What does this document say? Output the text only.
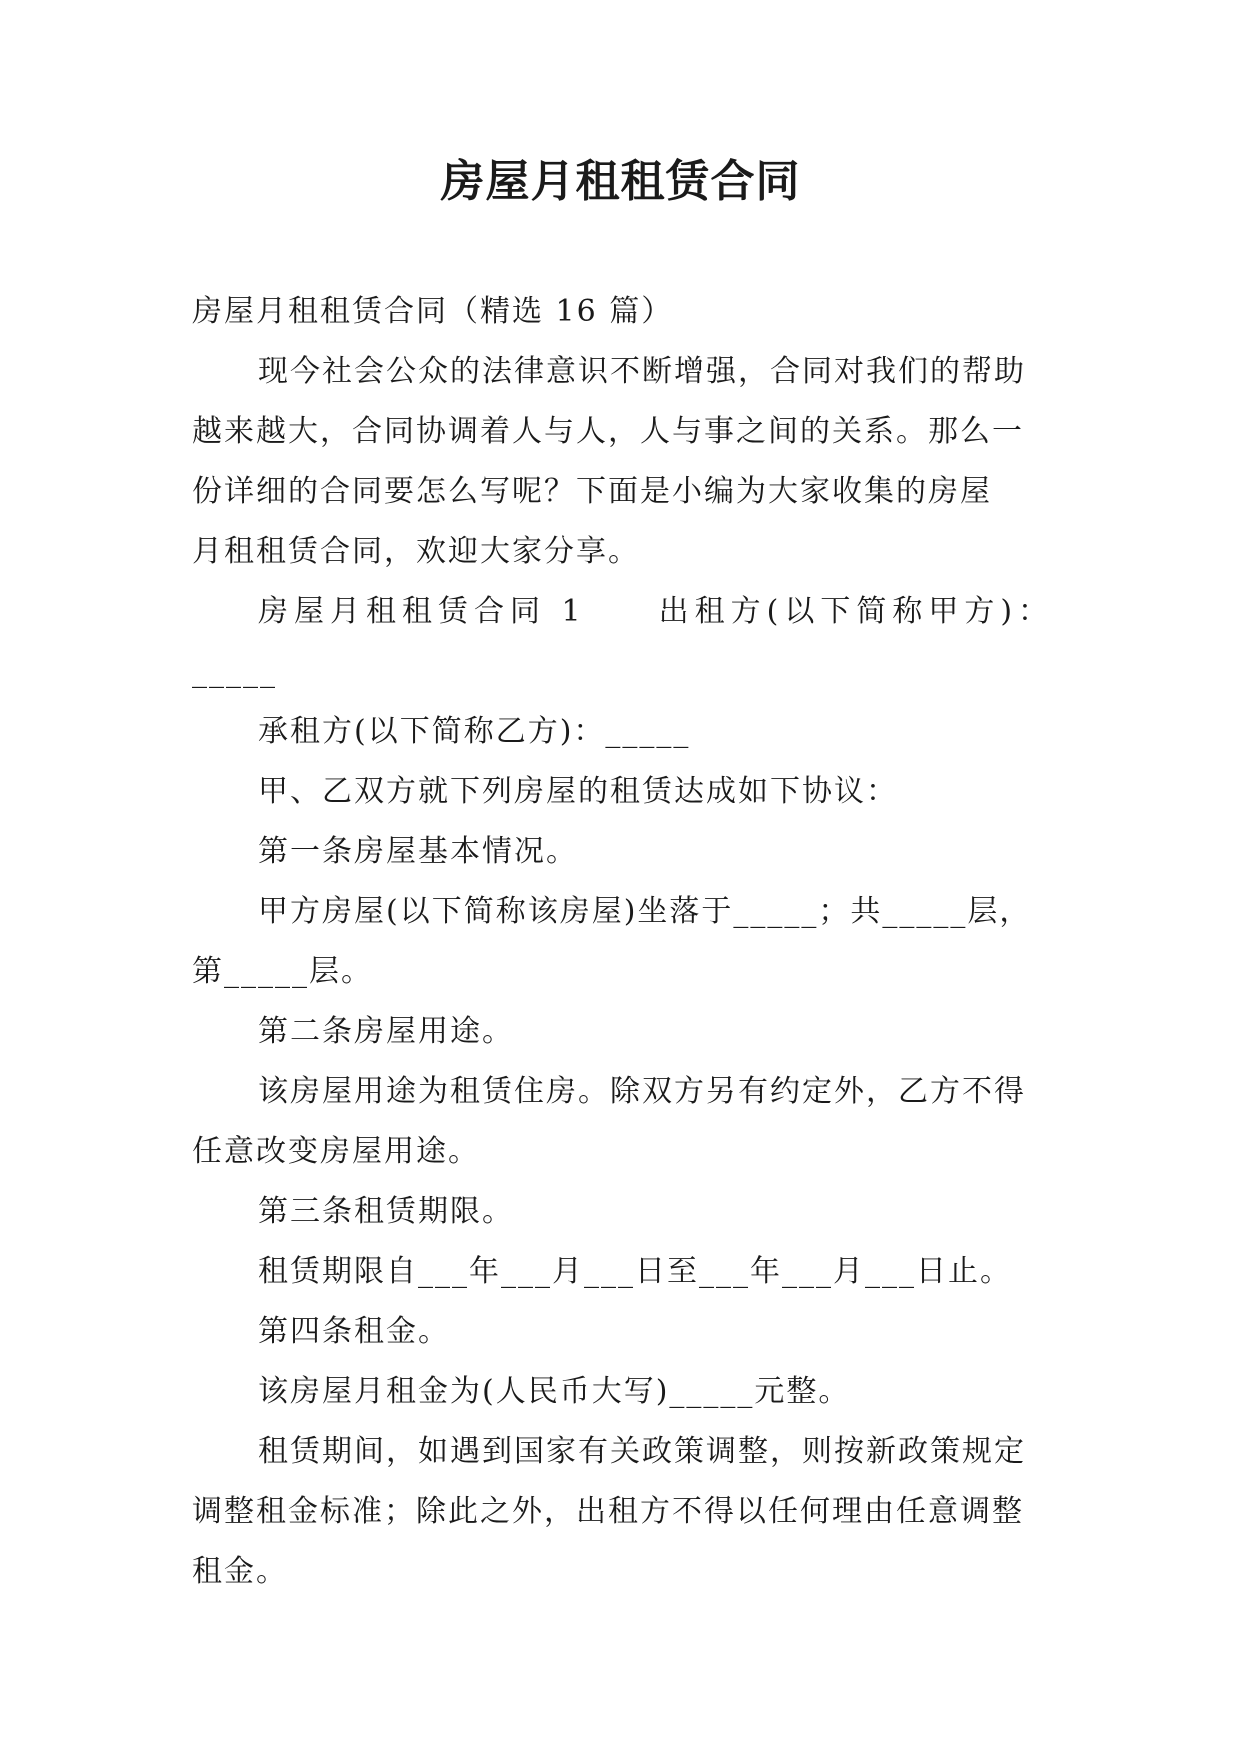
房屋月租租赁合同

房屋月租租赁合同（精选 16 篇）

现今社会公众的法律意识不断增强，合同对我们的帮助

越来越大，合同协调着人与人，人与事之间的关系。那么一

份详细的合同要怎么写呢？下面是小编为大家收集的房屋

月租租赁合同，欢迎大家分享。

房屋月租租赁合同 1 出租方(以下简称甲方)：

_____

承租方(以下简称乙方)：_____

甲、乙双方就下列房屋的租赁达成如下协议：

第一条房屋基本情况。

甲方房屋(以下简称该房屋)坐落于_____；共_____层，

第_____层。

第二条房屋用途。

该房屋用途为租赁住房。除双方另有约定外，乙方不得

任意改变房屋用途。

第三条租赁期限。

租赁期限自___年___月___日至___年___月___日止。

第四条租金。

该房屋月租金为(人民币大写)_____元整。

租赁期间，如遇到国家有关政策调整，则按新政策规定

调整租金标准；除此之外，出租方不得以任何理由任意调整

租金。
